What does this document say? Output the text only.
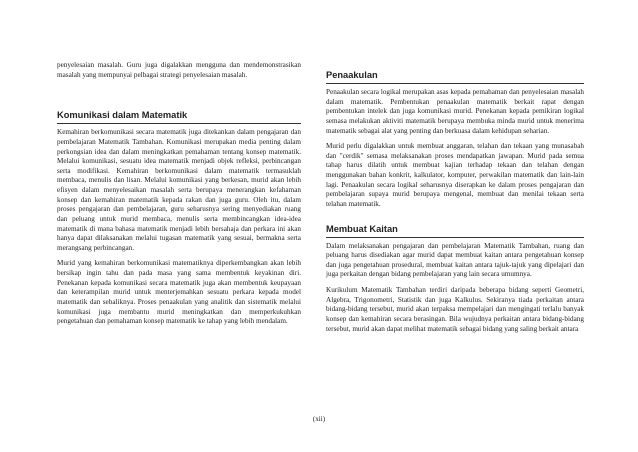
penyelesaian masalah. Guru juga digalakkan mengguna dan mendemonstrasikan masalah yang mempunyai pelbagai strategi penyelesaian masalah.

Komunikasi dalam Matematik

Kemahiran berkomunikasi secara matematik juga ditekankan dalam pengajaran dan pembelajaran Matematik Tambahan. Komunikasi merupakan media penting dalam perkongsian idea dan dalam meningkatkan pemahaman tentang konsep matematik. Melalui komunikasi, sesuatu idea matematik menjadi objek refleksi, perbincangan serta modifikasi. Kemahiran berkomunikasi dalam matematik termasuklah membaca, menulis dan lisan. Melalui komunikasi yang berkesan, murid akan lebih efisyen dalam menyelesaikan masalah serta berupaya menerangkan kefahaman konsep dan kemahiran matematik kepada rakan dan juga guru. Oleh itu, dalam proses pengajaran dan pembelajaran, guru seharusnya sering menyediakan ruang dan peluang untuk murid membaca, menulis serta membincangkan idea-idea matematik di mana bahasa matematik menjadi lebih bersahaja dan perkara ini akan hanya dapat dilaksanakan melalui tugasan matematik yang sesuai, bermakna serta merangsang perbincangan.

Murid yang kemahiran berkomunikasi matematiknya diperkembangkan akan lebih bersikap ingin tahu dan pada masa yang sama membentuk keyakinan diri. Penekanan kepada komunikasi secara matematik juga akan membentuk keupayaan dan keterampilan murid untuk menterjemahkan sesuatu perkara kepada model matematik dan sebaliknya. Proses penaakulan yang analitik dan sistematik melalui komunikasi juga membantu murid meningkatkan dan memperkukuhkan pengetahuan dan pemahaman konsep matematik ke tahap yang lebih mendalam.

Penaakulan

Penaakulan secara logikal merupakan asas kepada pemahaman dan penyelesaian masalah dalam matematik. Pembentukan penaakulan matematik berkait rapat dengan pembentukan intelek dan juga komunikasi murid. Penekanan kepada pemikiran logikal semasa melakukan aktiviti matematik berupaya membuka minda murid untuk menerima matematik sebagai alat yang penting dan berkuasa dalam kehidupan seharian.

Murid perlu digalakkan untuk membuat anggaran, telahan dan tekaan yang munasabah dan "cerdik" semasa melaksanakan proses mendapatkan jawapan. Murid pada semua tahap harus dilatih untuk membuat kajian terhadap tekaan dan telahan dengan menggunakan bahan konkrit, kalkulator, komputer, perwakilan matematik dan lain-lain lagi. Penaakulan secara logikal seharusnya diserapkan ke dalam proses pengajaran dan pembelajaran supaya murid berupaya mengenal, membuat dan menilai tekaan serta telahan matematik.

Membuat Kaitan

Dalam melaksanakan pengajaran dan pembelajaran Matematik Tambahan, ruang dan peluang harus disediakan agar murid dapat membuat kaitan antara pengetahuan konsep dan juga pengetahuan prosedural, membuat kaitan antara tajuk-tajuk yang dipelajari dan juga perkaitan dengan bidang pembelajaran yang lain secara umumnya.

Kurikulum Matematik Tambahan terdiri daripada beberapa bidang seperti Geometri, Algebra, Trigonometri, Statistik dan juga Kalkulus. Sekiranya tiada perkaitan antara bidang-bidang tersebut, murid akan terpaksa mempelajari dan mengingati terlalu banyak konsep dan kemahiran secara berasingan. Bila wujudnya perkaitan antara bidang-bidang tersebut, murid akan dapat melihat matematik sebagai bidang yang saling berkait antara

(xii)
